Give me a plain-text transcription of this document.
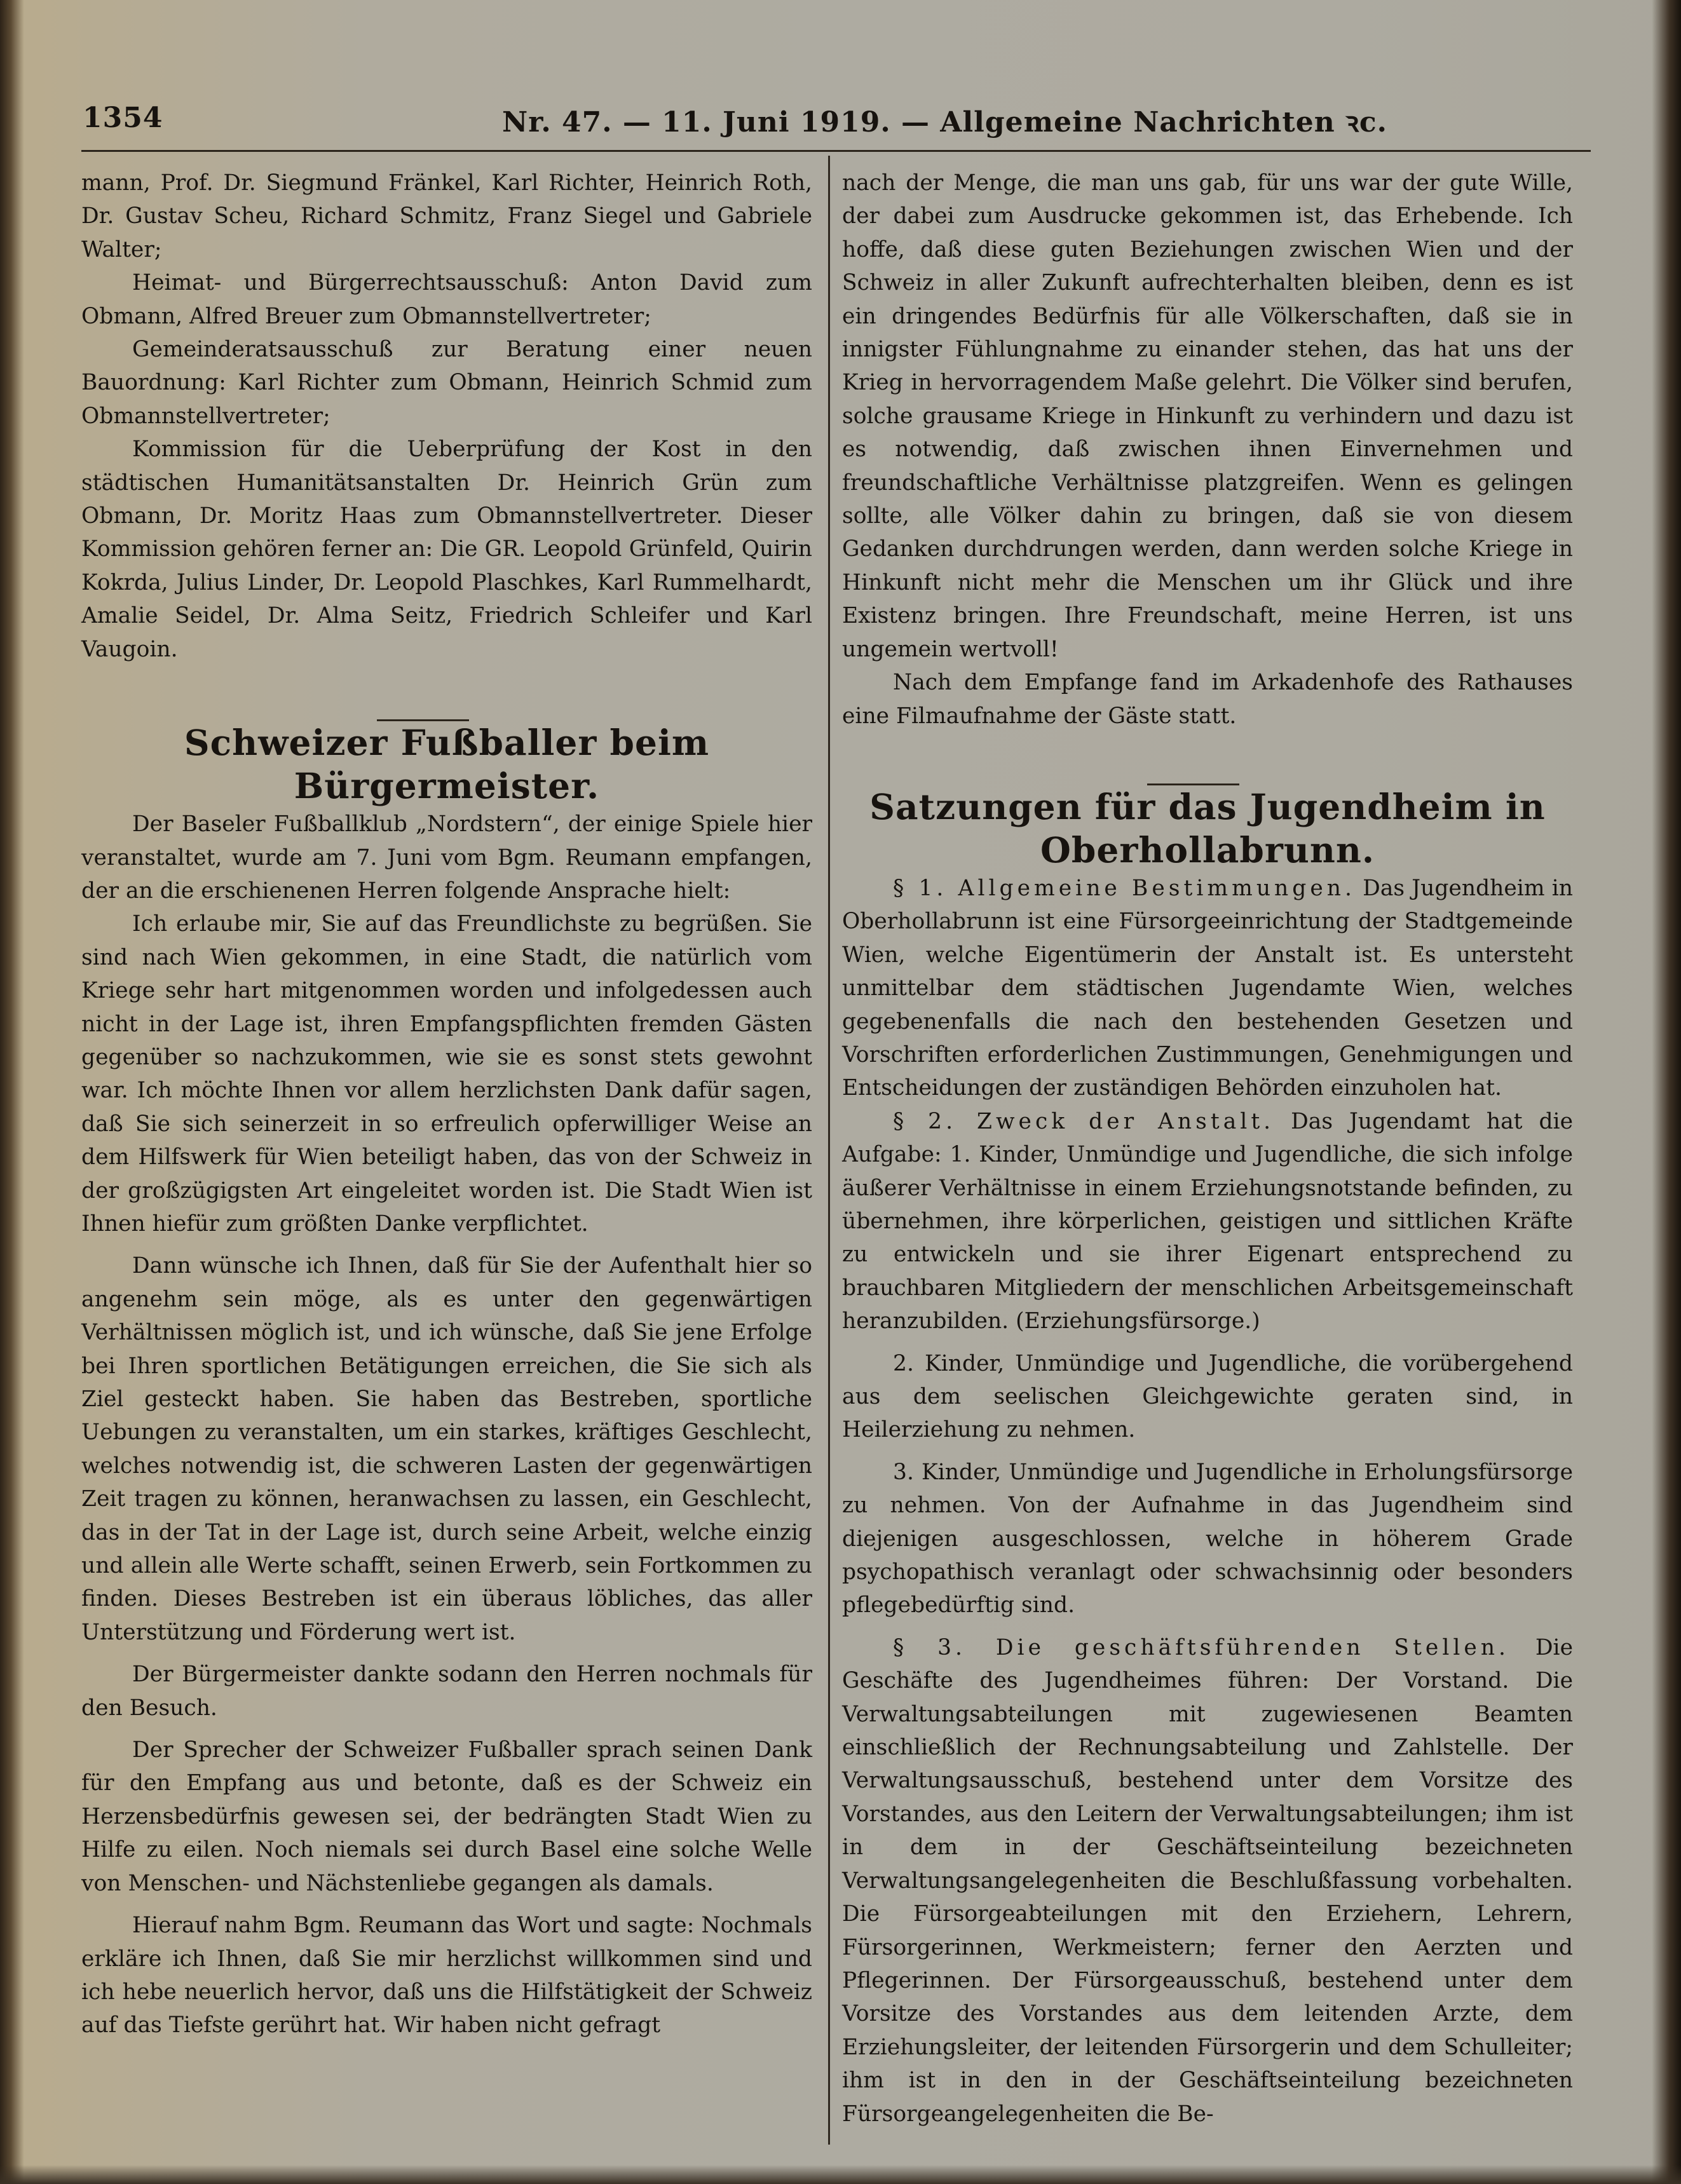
1354	Nr. 47. — 11. Juni 1919. — Allgemeine Nachrichten ꝛc.

mann, Prof. Dr. Siegmund Fränkel, Karl Richter, Heinrich Roth, Dr. Gustav Scheu, Richard Schmitz, Franz Siegel und Gabriele Walter;

Heimat- und Bürgerrechtsausschuß: Anton David zum Obmann, Alfred Breuer zum Obmannstellvertreter;

Gemeinderatsausschuß zur Beratung einer neuen Bauordnung: Karl Richter zum Obmann, Heinrich Schmid zum Obmannstellvertreter;

Kommission für die Ueberprüfung der Kost in den städtischen Humanitätsanstalten Dr. Heinrich Grün zum Obmann, Dr. Moritz Haas zum Obmannstellvertreter. Dieser Kommission gehören ferner an: Die GR. Leopold Grünfeld, Quirin Kokrda, Julius Linder, Dr. Leopold Plaschkes, Karl Rummelhardt, Amalie Seidel, Dr. Alma Seitz, Friedrich Schleifer und Karl Vaugoin.

Schweizer Fußballer beim Bürgermeister.

Der Baseler Fußballklub „Nordstern“, der einige Spiele hier veranstaltet, wurde am 7. Juni vom Bgm. Reumann empfangen, der an die erschienenen Herren folgende Ansprache hielt:

Ich erlaube mir, Sie auf das Freundlichste zu begrüßen. Sie sind nach Wien gekommen, in eine Stadt, die natürlich vom Kriege sehr hart mitgenommen worden und infolgedessen auch nicht in der Lage ist, ihren Empfangspflichten fremden Gästen gegenüber so nachzukommen, wie sie es sonst stets gewohnt war. Ich möchte Ihnen vor allem herzlichsten Dank dafür sagen, daß Sie sich seinerzeit in so erfreulich opferwilliger Weise an dem Hilfswerk für Wien beteiligt haben, das von der Schweiz in der großzügigsten Art eingeleitet worden ist. Die Stadt Wien ist Ihnen hiefür zum größten Danke verpflichtet.

Dann wünsche ich Ihnen, daß für Sie der Aufenthalt hier so angenehm sein möge, als es unter den gegenwärtigen Verhältnissen möglich ist, und ich wünsche, daß Sie jene Erfolge bei Ihren sportlichen Betätigungen erreichen, die Sie sich als Ziel gesteckt haben. Sie haben das Bestreben, sportliche Uebungen zu veranstalten, um ein starkes, kräftiges Geschlecht, welches notwendig ist, die schweren Lasten der gegenwärtigen Zeit tragen zu können, heranwachsen zu lassen, ein Geschlecht, das in der Tat in der Lage ist, durch seine Arbeit, welche einzig und allein alle Werte schafft, seinen Erwerb, sein Fortkommen zu finden. Dieses Bestreben ist ein überaus löbliches, das aller Unterstützung und Förderung wert ist.

Der Bürgermeister dankte sodann den Herren nochmals für den Besuch.

Der Sprecher der Schweizer Fußballer sprach seinen Dank für den Empfang aus und betonte, daß es der Schweiz ein Herzensbedürfnis gewesen sei, der bedrängten Stadt Wien zu Hilfe zu eilen. Noch niemals sei durch Basel eine solche Welle von Menschen- und Nächstenliebe gegangen als damals.

Hierauf nahm Bgm. Reumann das Wort und sagte: Nochmals erkläre ich Ihnen, daß Sie mir herzlichst willkommen sind und ich hebe neuerlich hervor, daß uns die Hilfstätigkeit der Schweiz auf das Tiefste gerührt hat. Wir haben nicht gefragt

nach der Menge, die man uns gab, für uns war der gute Wille, der dabei zum Ausdrucke gekommen ist, das Erhebende. Ich hoffe, daß diese guten Beziehungen zwischen Wien und der Schweiz in aller Zukunft aufrechterhalten bleiben, denn es ist ein dringendes Bedürfnis für alle Völkerschaften, daß sie in innigster Fühlungnahme zu einander stehen, das hat uns der Krieg in hervorragendem Maße gelehrt. Die Völker sind berufen, solche grausame Kriege in Hinkunft zu verhindern und dazu ist es notwendig, daß zwischen ihnen Einvernehmen und freundschaftliche Verhältnisse platzgreifen. Wenn es gelingen sollte, alle Völker dahin zu bringen, daß sie von diesem Gedanken durchdrungen werden, dann werden solche Kriege in Hinkunft nicht mehr die Menschen um ihr Glück und ihre Existenz bringen. Ihre Freundschaft, meine Herren, ist uns ungemein wertvoll!

Nach dem Empfange fand im Arkadenhofe des Rathauses eine Filmaufnahme der Gäste statt.

Satzungen für das Jugendheim in
Oberhollabrunn.

§ 1. Allgemeine Bestimmungen. Das Jugendheim in Oberhollabrunn ist eine Fürsorgeeinrichtung der Stadtgemeinde Wien, welche Eigentümerin der Anstalt ist. Es untersteht unmittelbar dem städtischen Jugendamte Wien, welches gegebenenfalls die nach den bestehenden Gesetzen und Vorschriften erforderlichen Zustimmungen, Genehmigungen und Entscheidungen der zuständigen Behörden einzuholen hat.

§ 2. Zweck der Anstalt. Das Jugendamt hat die Aufgabe: 1. Kinder, Unmündige und Jugendliche, die sich infolge äußerer Verhältnisse in einem Erziehungsnotstande befinden, zu übernehmen, ihre körperlichen, geistigen und sittlichen Kräfte zu entwickeln und sie ihrer Eigenart entsprechend zu brauchbaren Mitgliedern der menschlichen Arbeitsgemeinschaft heranzubilden. (Erziehungsfürsorge.)

2. Kinder, Unmündige und Jugendliche, die vorübergehend aus dem seelischen Gleichgewichte geraten sind, in Heilerziehung zu nehmen.

3. Kinder, Unmündige und Jugendliche in Erholungsfürsorge zu nehmen. Von der Aufnahme in das Jugendheim sind diejenigen ausgeschlossen, welche in höherem Grade psychopathisch veranlagt oder schwachsinnig oder besonders pflegebedürftig sind.

§ 3. Die geschäftsführenden Stellen. Die Geschäfte des Jugendheimes führen: Der Vorstand. Die Verwaltungsabteilungen mit zugewiesenen Beamten einschließlich der Rechnungsabteilung und Zahlstelle. Der Verwaltungsausschuß, bestehend unter dem Vorsitze des Vorstandes, aus den Leitern der Verwaltungsabteilungen; ihm ist in dem in der Geschäftseinteilung bezeichneten Verwaltungsangelegenheiten die Beschlußfassung vorbehalten. Die Fürsorgeabteilungen mit den Erziehern, Lehrern, Fürsorgerinnen, Werkmeistern; ferner den Aerzten und Pflegerinnen. Der Fürsorgeausschuß, bestehend unter dem Vorsitze des Vorstandes aus dem leitenden Arzte, dem Erziehungsleiter, der leitenden Fürsorgerin und dem Schulleiter; ihm ist in den in der Geschäftseinteilung bezeichneten Fürsorgeangelegenheiten die Be-
